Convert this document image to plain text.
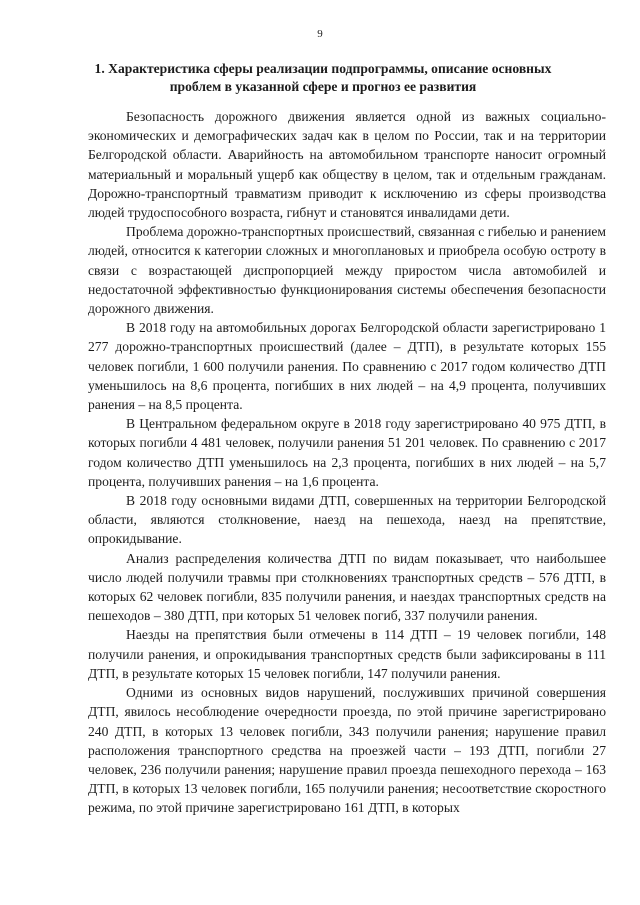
9
1. Характеристика сферы реализации подпрограммы, описание основных проблем в указанной сфере и прогноз ее развития

Безопасность дорожного движения является одной из важных социально-экономических и демографических задач как в целом по России, так и на территории Белгородской области. Аварийность на автомобильном транспорте наносит огромный материальный и моральный ущерб как обществу в целом, так и отдельным гражданам. Дорожно-транспортный травматизм приводит к исключению из сферы производства людей трудоспособного возраста, гибнут и становятся инвалидами дети.

Проблема дорожно-транспортных происшествий, связанная с гибелью и ранением людей, относится к категории сложных и многоплановых и приобрела особую остроту в связи с возрастающей диспропорцией между приростом числа автомобилей и недостаточной эффективностью функционирования системы обеспечения безопасности дорожного движения.

В 2018 году на автомобильных дорогах Белгородской области зарегистрировано 1 277 дорожно-транспортных происшествий (далее – ДТП), в результате которых 155 человек погибли, 1 600 получили ранения. По сравнению с 2017 годом количество ДТП уменьшилось на 8,6 процента, погибших в них людей – на 4,9 процента, получивших ранения – на 8,5 процента.

В Центральном федеральном округе в 2018 году зарегистрировано 40 975 ДТП, в которых погибли 4 481 человек, получили ранения 51 201 человек. По сравнению с 2017 годом количество ДТП уменьшилось на 2,3 процента, погибших в них людей – на 5,7 процента, получивших ранения – на 1,6 процента.

В 2018 году основными видами ДТП, совершенных на территории Белгородской области, являются столкновение, наезд на пешехода, наезд на препятствие, опрокидывание.

Анализ распределения количества ДТП по видам показывает, что наибольшее число людей получили травмы при столкновениях транспортных средств – 576 ДТП, в которых 62 человек погибли, 835 получили ранения, и наездах транспортных средств на пешеходов – 380 ДТП, при которых 51 человек погиб, 337 получили ранения.

Наезды на препятствия были отмечены в 114 ДТП – 19 человек погибли, 148 получили ранения, и опрокидывания транспортных средств были зафиксированы в 111 ДТП, в результате которых 15 человек погибли, 147 получили ранения.

Одними из основных видов нарушений, послуживших причиной совершения ДТП, явилось несоблюдение очередности проезда, по этой причине зарегистрировано 240 ДТП, в которых 13 человек погибли, 343 получили ранения; нарушение правил расположения транспортного средства на проезжей части – 193 ДТП, погибли 27 человек, 236 получили ранения; нарушение правил проезда пешеходного перехода – 163 ДТП, в которых 13 человек погибли, 165 получили ранения; несоответствие скоростного режима, по этой причине зарегистрировано 161 ДТП, в которых
